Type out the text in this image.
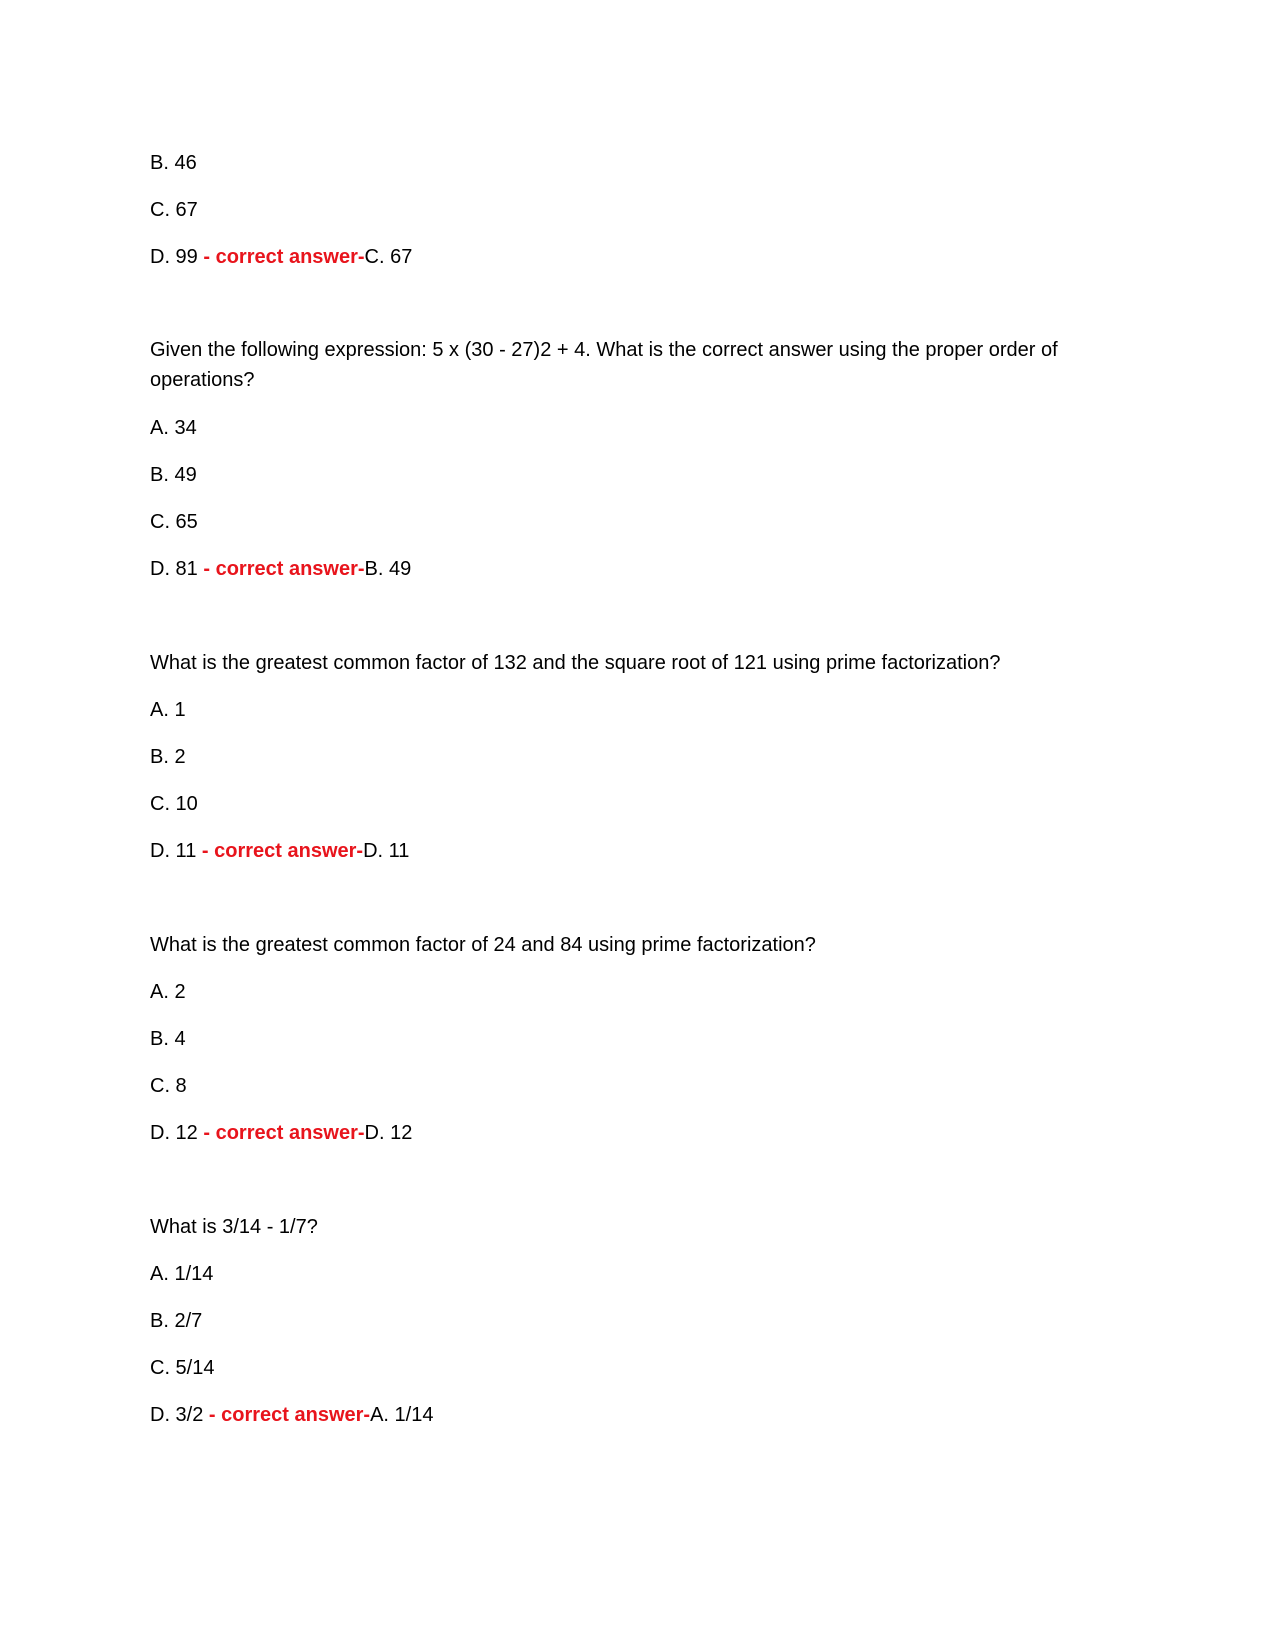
B. 46
C. 67
D. 99 - correct answer-C. 67
Given the following expression: 5 x (30 - 27)2 + 4. What is the correct answer using the proper order of operations?
A. 34
B. 49
C. 65
D. 81 - correct answer-B. 49
What is the greatest common factor of 132 and the square root of 121 using prime factorization?
A. 1
B. 2
C. 10
D. 11 - correct answer-D. 11
What is the greatest common factor of 24 and 84 using prime factorization?
A. 2
B. 4
C. 8
D. 12 - correct answer-D. 12
What is 3/14 - 1/7?
A. 1/14
B. 2/7
C. 5/14
D. 3/2 - correct answer-A. 1/14
